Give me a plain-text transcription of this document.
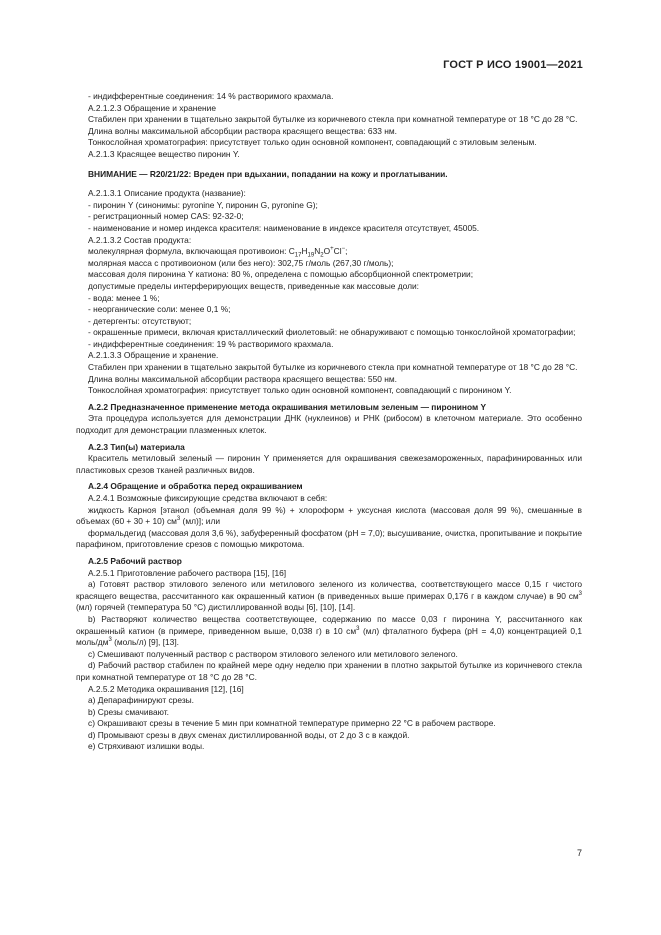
ГОСТ Р ИСО 19001—2021

- индифферентные соединения: 14 % растворимого крахмала.

A.2.1.2.3 Обращение и хранение

Стабилен при хранении в тщательно закрытой бутылке из коричневого стекла при комнатной температуре от 18 °С до 28 °С.

Длина волны максимальной абсорбции раствора красящего вещества: 633 нм.

Тонкослойная хроматография: присутствует только один основной компонент, совпадающий с этиловым зеленым.

A.2.1.3 Красящее вещество пиронин Y.

ВНИМАНИЕ — R20/21/22: Вреден при вдыхании, попадании на кожу и проглатывании.

A.2.1.3.1 Описание продукта (название):

- пиронин Y (синонимы: pyronine Y, пиронин G, pyronine G);

- регистрационный номер CAS: 92-32-0;

- наименование и номер индекса красителя: наименование в индексе красителя отсутствует, 45005.

A.2.1.3.2 Состав продукта:

молекулярная формула, включающая противоион: $C_{17}H_{19}N_2O^+Cl^-$;

молярная масса с противоионом (или без него): 302,75 г/моль (267,30 г/моль);

массовая доля пиронина Y катиона: 80 %, определена с помощью абсорбционной спектрометрии;

допустимые пределы интерферирующих веществ, приведенные как массовые доли:

- вода: менее 1 %;

- неорганические соли: менее 0,1 %;

- детергенты: отсутствуют;

- окрашенные примеси, включая кристаллический фиолетовый: не обнаруживают с помощью тонкослойной хроматографии;

- индифферентные соединения: 19 % растворимого крахмала.

A.2.1.3.3 Обращение и хранение.

Стабилен при хранении в тщательно закрытой бутылке из коричневого стекла при комнатной температуре от 18 °С до 28 °С.

Длина волны максимальной абсорбции раствора красящего вещества: 550 нм.

Тонкослойная хроматография: присутствует только один основной компонент, совпадающий с пиронином Y.

A.2.2 Предназначенное применение метода окрашивания метиловым зеленым — пиронином Y

Эта процедура используется для демонстрации ДНК (нуклеинов) и РНК (рибосом) в клеточном материале. Это особенно подходит для демонстрации плазменных клеток.

A.2.3 Тип(ы) материала

Краситель метиловый зеленый — пиронин Y применяется для окрашивания свежезамороженных, парафинированных или пластиковых срезов тканей различных видов.

A.2.4 Обращение и обработка перед окрашиванием

A.2.4.1 Возможные фиксирующие средства включают в себя:

жидкость Карноя [этанол (объемная доля 99 %) + хлороформ + уксусная кислота (массовая доля 99 %), смешанные в объемах (60 + 30 + 10) $см^3$ (мл)]; или

формальдегид (массовая доля 3,6 %), забуференный фосфатом (рН = 7,0); высушивание, очистка, пропитывание и покрытие парафином, приготовление срезов с помощью микротома.

A.2.5 Рабочий раствор

A.2.5.1 Приготовление рабочего раствора [15], [16]

a) Готовят раствор этилового зеленого или метилового зеленого из количества, соответствующего массе 0,15 г чистого красящего вещества, рассчитанного как окрашенный катион (в приведенных выше примерах 0,176 г в каждом случае) в 90 $см^3$ (мл) горячей (температура 50 °С) дистиллированной воды [6], [10], [14].

b) Растворяют количество вещества соответствующее, содержанию по массе 0,03 г пиронина Y, рассчитанного как окрашенный катион (в примере, приведенном выше, 0,038 г) в 10 $см^3$ (мл) фталатного буфера (рН = 4,0) концентрацией 0,1 моль/$дм^3$ (моль/л) [9], [13].

c) Смешивают полученный раствор с раствором этилового зеленого или метилового зеленого.

d) Рабочий раствор стабилен по крайней мере одну неделю при хранении в плотно закрытой бутылке из коричневого стекла при комнатной температуре от 18 °С до 28 °С.

A.2.5.2 Методика окрашивания [12], [16]

a) Депарафинируют срезы.

b) Срезы смачивают.

c) Окрашивают срезы в течение 5 мин при комнатной температуре примерно 22 °С в рабочем растворе.

d) Промывают срезы в двух сменах дистиллированной воды, от 2 до 3 с в каждой.

e) Стряхивают излишки воды.

7
